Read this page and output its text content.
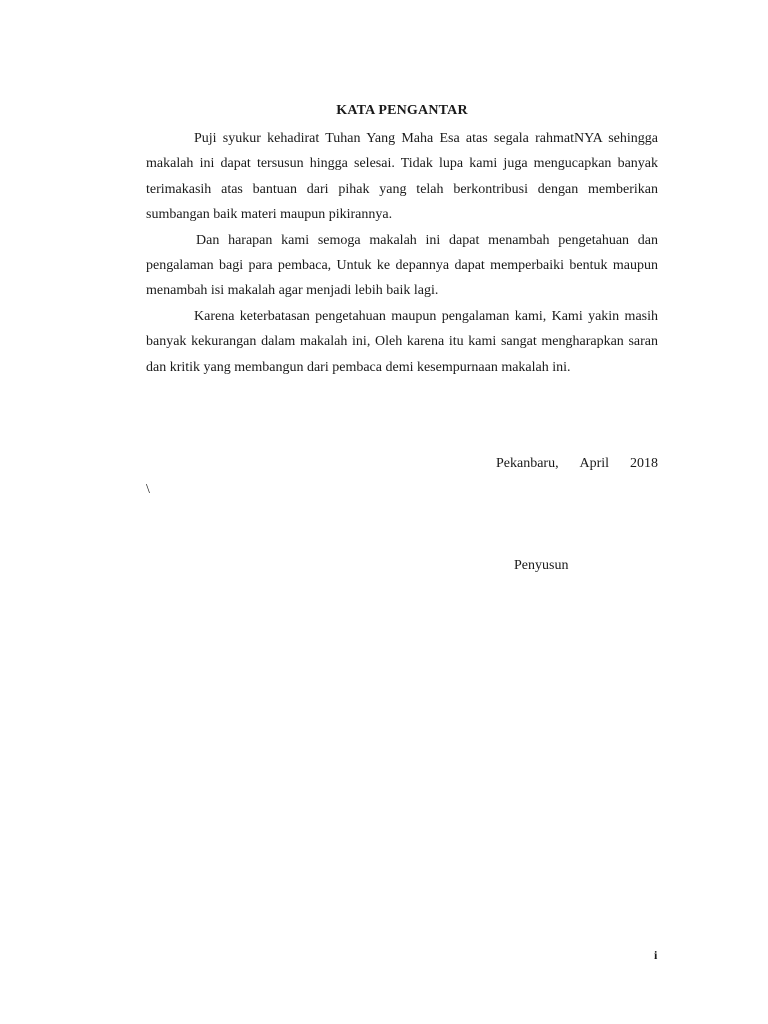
KATA PENGANTAR

Puji syukur kehadirat Tuhan Yang Maha Esa atas segala rahmatNYA sehingga makalah ini dapat tersusun hingga selesai. Tidak lupa kami juga mengucapkan banyak terimakasih atas bantuan dari pihak yang telah berkontribusi dengan memberikan sumbangan baik materi maupun pikirannya.

Dan harapan kami semoga makalah ini dapat menambah pengetahuan dan pengalaman bagi para pembaca, Untuk ke depannya dapat memperbaiki bentuk maupun menambah isi makalah agar menjadi lebih baik lagi.

Karena keterbatasan pengetahuan maupun pengalaman kami, Kami yakin masih banyak kekurangan dalam makalah ini, Oleh karena itu kami sangat mengharapkan saran dan kritik yang membangun dari pembaca demi kesempurnaan makalah ini.

Pekanbaru, April 2018
\
Penyusun
i
